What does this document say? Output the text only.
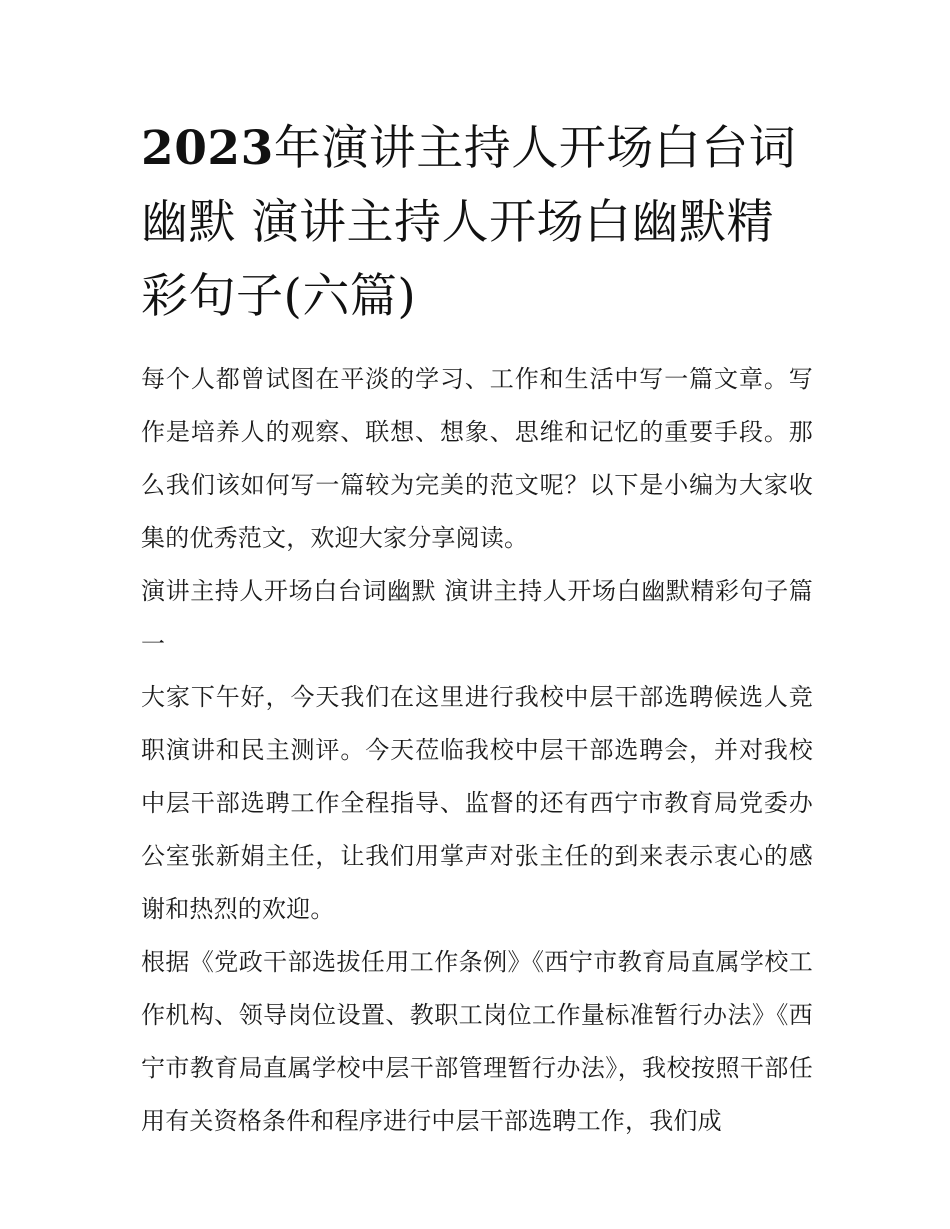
2023年演讲主持人开场白台词幽默 演讲主持人开场白幽默精彩句子(六篇)

每个人都曾试图在平淡的学习、工作和生活中写一篇文章。写作是培养人的观察、联想、想象、思维和记忆的重要手段。那么我们该如何写一篇较为完美的范文呢？以下是小编为大家收集的优秀范文，欢迎大家分享阅读。

演讲主持人开场白台词幽默 演讲主持人开场白幽默精彩句子篇一

大家下午好，今天我们在这里进行我校中层干部选聘候选人竞职演讲和民主测评。今天莅临我校中层干部选聘会，并对我校中层干部选聘工作全程指导、监督的还有西宁市教育局党委办公室张新娟主任，让我们用掌声对张主任的到来表示衷心的感谢和热烈的欢迎。

根据《党政干部选拔任用工作条例》《西宁市教育局直属学校工作机构、领导岗位设置、教职工岗位工作量标准暂行办法》《西宁市教育局直属学校中层干部管理暂行办法》，我校按照干部任用有关资格条件和程序进行中层干部选聘工作，我们成
